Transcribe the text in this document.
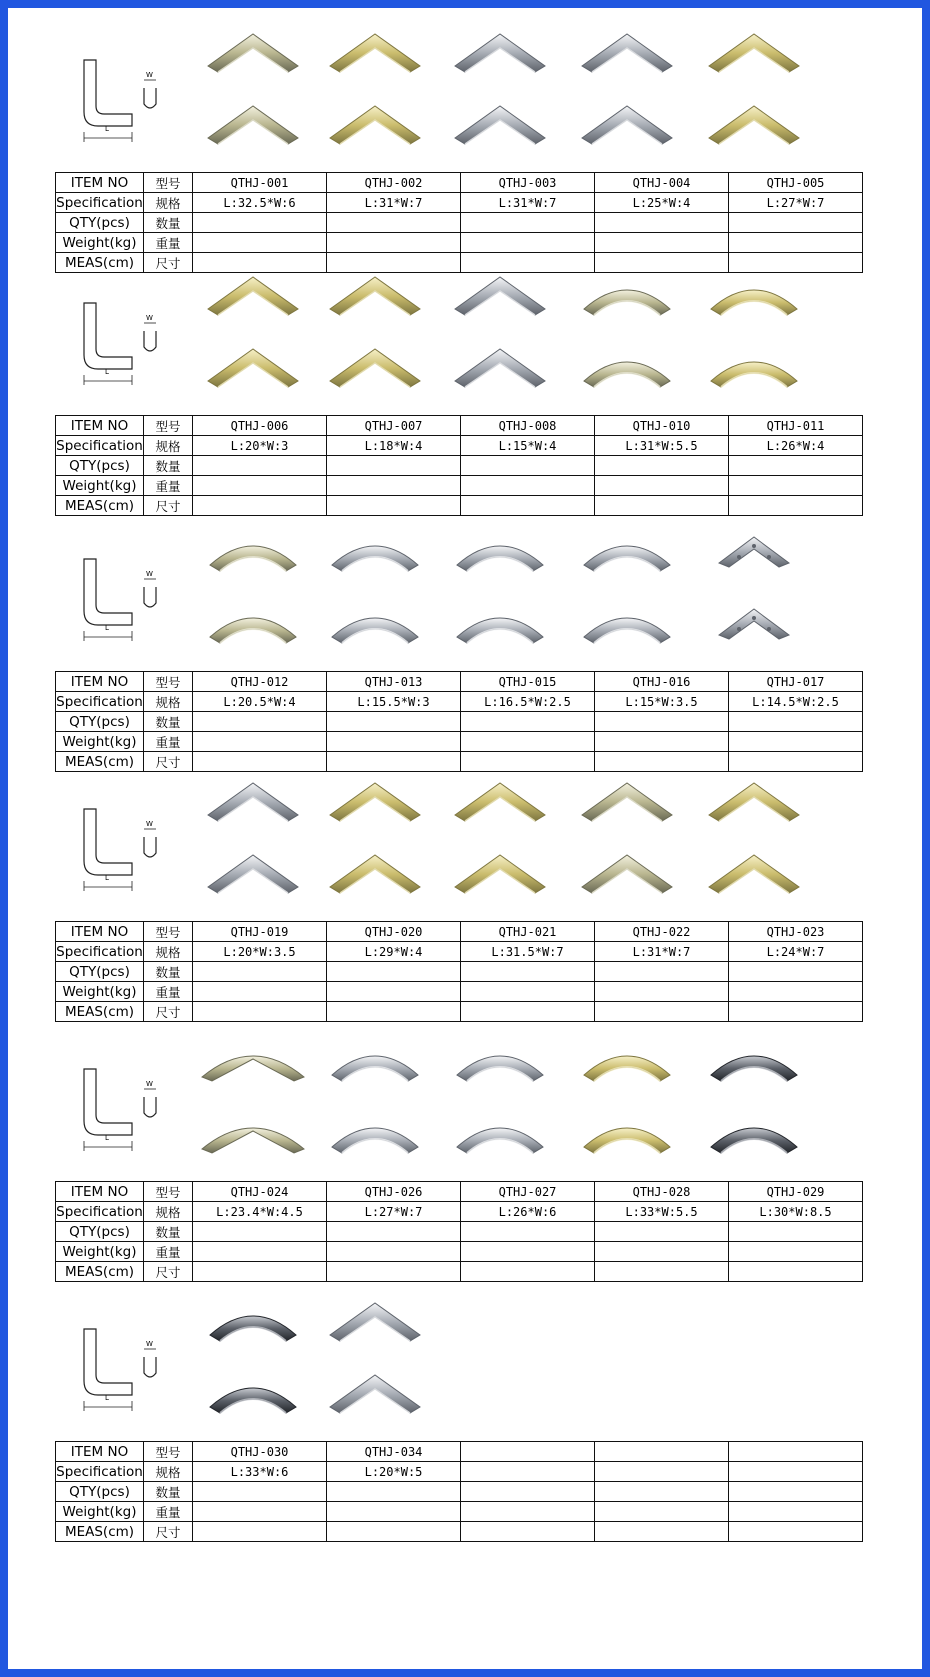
L
W
ITEM NO	型号	QTHJ-001	QTHJ-002	QTHJ-003	QTHJ-004	QTHJ-005
Specification	规格	L:32.5*W:6	L:31*W:7	L:31*W:7	L:25*W:4	L:27*W:7
QTY(pcs)	数量					
Weight(kg)	重量					
MEAS(cm)	尺寸					
L
W
ITEM NO	型号	QTHJ-006	QTHJ-007	QTHJ-008	QTHJ-010	QTHJ-011
Specification	规格	L:20*W:3	L:18*W:4	L:15*W:4	L:31*W:5.5	L:26*W:4
QTY(pcs)	数量					
Weight(kg)	重量					
MEAS(cm)	尺寸					
L
W
ITEM NO	型号	QTHJ-012	QTHJ-013	QTHJ-015	QTHJ-016	QTHJ-017
Specification	规格	L:20.5*W:4	L:15.5*W:3	L:16.5*W:2.5	L:15*W:3.5	L:14.5*W:2.5
QTY(pcs)	数量					
Weight(kg)	重量					
MEAS(cm)	尺寸					
L
W
ITEM NO	型号	QTHJ-019	QTHJ-020	QTHJ-021	QTHJ-022	QTHJ-023
Specification	规格	L:20*W:3.5	L:29*W:4	L:31.5*W:7	L:31*W:7	L:24*W:7
QTY(pcs)	数量					
Weight(kg)	重量					
MEAS(cm)	尺寸					
L
W
ITEM NO	型号	QTHJ-024	QTHJ-026	QTHJ-027	QTHJ-028	QTHJ-029
Specification	规格	L:23.4*W:4.5	L:27*W:7	L:26*W:6	L:33*W:5.5	L:30*W:8.5
QTY(pcs)	数量					
Weight(kg)	重量					
MEAS(cm)	尺寸					
L
W
ITEM NO	型号	QTHJ-030	QTHJ-034			
Specification	规格	L:33*W:6	L:20*W:5			
QTY(pcs)	数量					
Weight(kg)	重量					
MEAS(cm)	尺寸					
